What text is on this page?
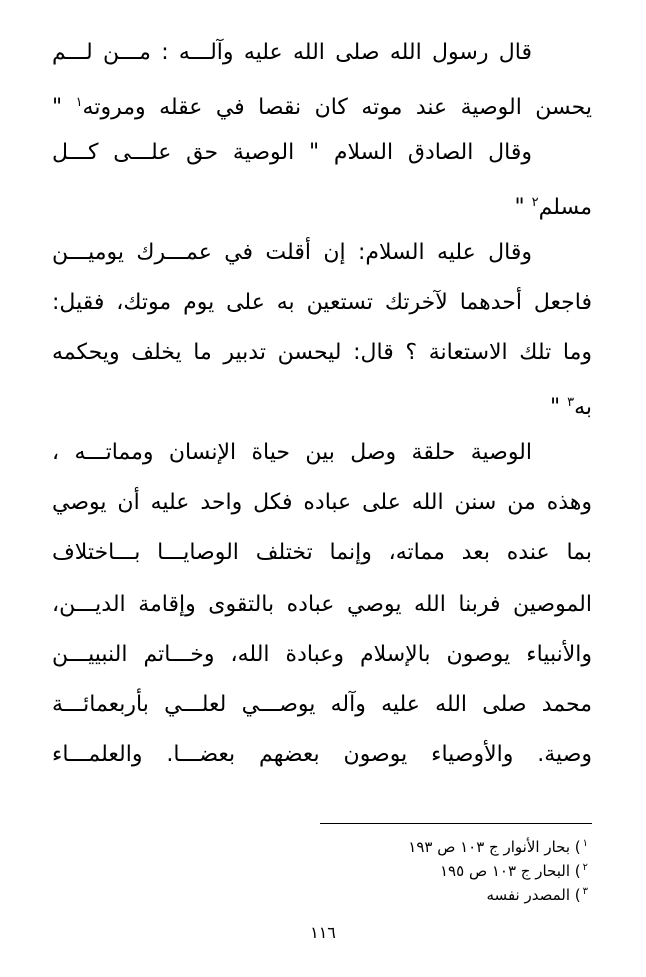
قال رسول الله صلى الله عليه وآلـــه : مـــن لـــم
يحسن الوصية عند موته كان نقصا في عقله ومروته$^١$ "
وقال الصادق السلام " الوصية حق علـــى كـــل
مسلم$^٢$ "
وقال عليه السلام: إن أقلت في عمـــرك يوميـــن
فاجعل أحدهما لآخرتك تستعين به على يوم موتك، فقيل:
وما تلك الاستعانة ؟ قال: ليحسن تدبير ما يخلف ويحكمه
به$^٣$ "
الوصية حلقة وصل بين حياة الإنسان ومماتـــه ،
وهذه من سنن الله على عباده فكل واحد عليه أن يوصي
بما عنده بعد مماته، وإنما تختلف الوصايـــا بـــاختلاف
الموصين فربنا الله يوصي عباده بالتقوى وإقامة الديـــن،
والأنبياء يوصون بالإسلام وعبادة الله، وخـــاتم النبييـــن
محمد صلى الله عليه وآله يوصـــي لعلـــي بأربعمائـــة
وصية. والأوصياء يوصون بعضهم بعضـــا. والعلمـــاء
$^١$) بحار الأنوار ج ١٠٣ ص ١٩٣
$^٢$) البحار ج ١٠٣ ص ١٩٥
$^٣$) المصدر نفسه
١١٦
